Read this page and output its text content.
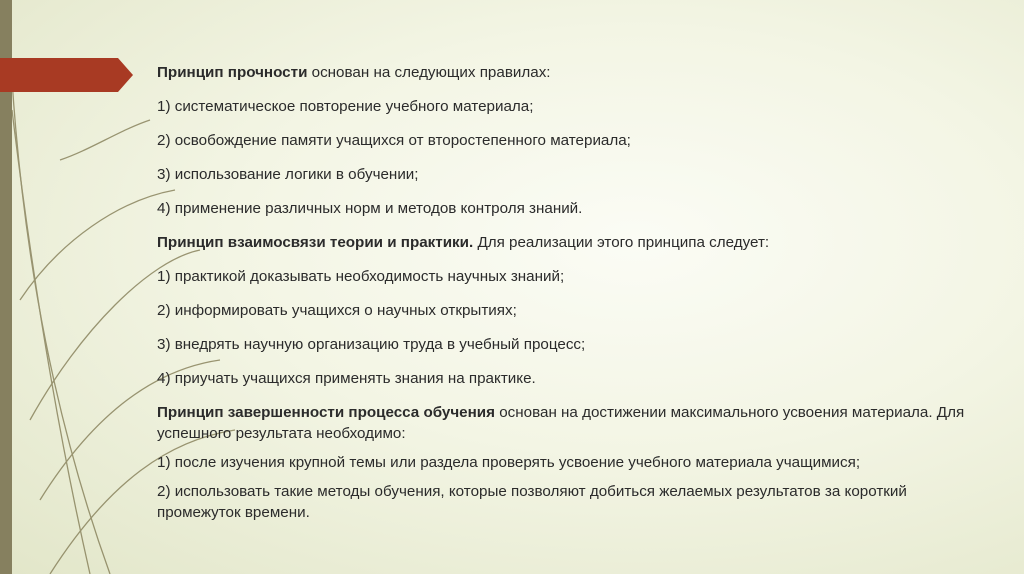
Принцип прочности основан на следующих правилах:

1) систематическое повторение учебного материала;

2) освобождение памяти учащихся от второстепенного материала;

3) использование логики в обучении;

4) применение различных норм и методов контроля знаний.

Принцип взаимосвязи теории и практики. Для реализации этого принципа следует:

1) практикой доказывать необходимость научных знаний;

2) информировать учащихся о научных открытиях;

3) внедрять научную организацию труда в учебный процесс;

4) приучать учащихся применять знания на практике.

Принцип завершенности процесса обучения основан на достижении максимального усвоения материала. Для успешного результата необходимо:

1) после изучения крупной темы или раздела проверять усвоение учебного материала учащимися;

2) использовать такие методы обучения, которые позволяют добиться желаемых результатов за короткий промежуток времени.
